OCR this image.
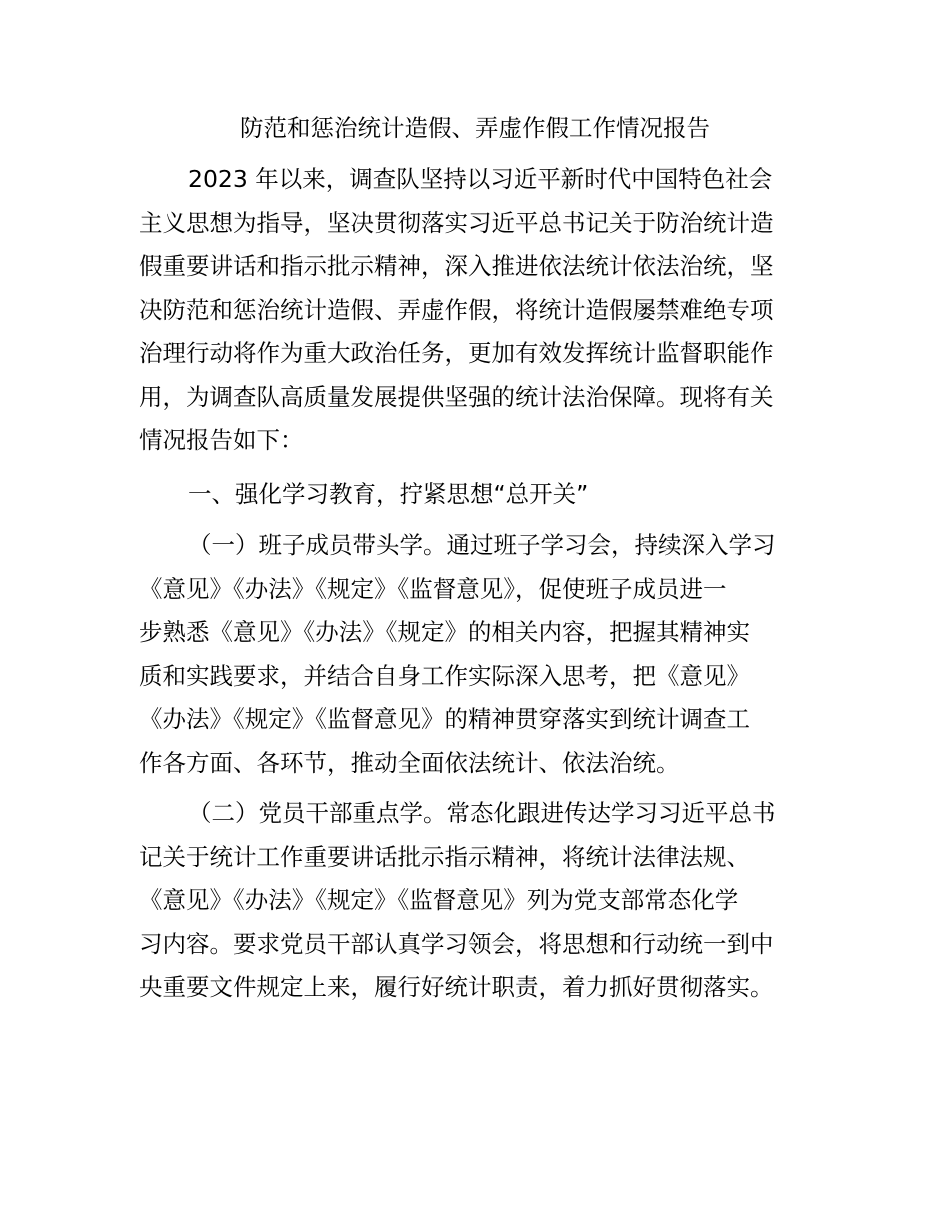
防范和惩治统计造假、弄虚作假工作情况报告
2023 年以来，调查队坚持以习近平新时代中国特色社会
主义思想为指导，坚决贯彻落实习近平总书记关于防治统计造
假重要讲话和指示批示精神，深入推进依法统计依法治统，坚
决防范和惩治统计造假、弄虚作假，将统计造假屡禁难绝专项
治理行动将作为重大政治任务，更加有效发挥统计监督职能作
用，为调查队高质量发展提供坚强的统计法治保障。现将有关
情况报告如下：
一、强化学习教育，拧紧思想“总开关”
（一）班子成员带头学。通过班子学习会，持续深入学习
《意见》《办法》《规定》《监督意见》，促使班子成员进一
步熟悉《意见》《办法》《规定》的相关内容，把握其精神实
质和实践要求，并结合自身工作实际深入思考，把《意见》
《办法》《规定》《监督意见》的精神贯穿落实到统计调查工
作各方面、各环节，推动全面依法统计、依法治统。
（二）党员干部重点学。常态化跟进传达学习习近平总书
记关于统计工作重要讲话批示指示精神，将统计法律法规、
《意见》《办法》《规定》《监督意见》列为党支部常态化学
习内容。要求党员干部认真学习领会，将思想和行动统一到中
央重要文件规定上来，履行好统计职责，着力抓好贯彻落实。
